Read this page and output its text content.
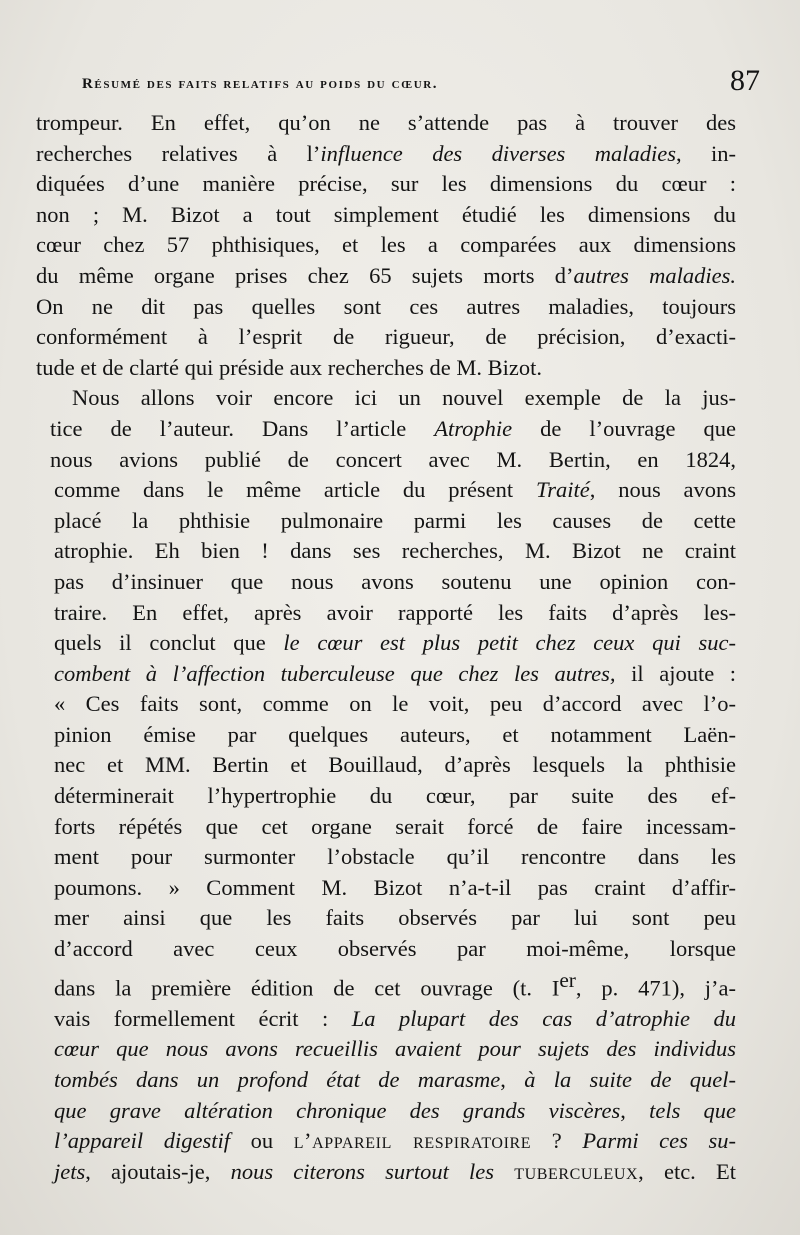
Résumé des faits relatifs au poids du cœur.	87

trompeur. En effet, qu’on ne s’attende pas à trouver des
recherches relatives à l’influence des diverses maladies, in-
diquées d’une manière précise, sur les dimensions du cœur :
non ; M. Bizot a tout simplement étudié les dimensions du
cœur chez 57 phthisiques, et les a comparées aux dimensions
du même organe prises chez 65 sujets morts d’autres maladies.
On ne dit pas quelles sont ces autres maladies, toujours
conformément à l’esprit de rigueur, de précision, d’exacti-
tude et de clarté qui préside aux recherches de M. Bizot.

Nous allons voir encore ici un nouvel exemple de la jus-
tice de l’auteur. Dans l’article Atrophie de l’ouvrage que
nous avions publié de concert avec M. Bertin, en 1824,
comme dans le même article du présent Traité, nous avons
placé la phthisie pulmonaire parmi les causes de cette
atrophie. Eh bien ! dans ses recherches, M. Bizot ne craint
pas d’insinuer que nous avons soutenu une opinion con-
traire. En effet, après avoir rapporté les faits d’après les-
quels il conclut que le cœur est plus petit chez ceux qui suc-
combent à l’affection tuberculeuse que chez les autres, il ajoute :
« Ces faits sont, comme on le voit, peu d’accord avec l’o-
pinion émise par quelques auteurs, et notamment Laën-
nec et MM. Bertin et Bouillaud, d’après lesquels la phthisie
déterminerait l’hypertrophie du cœur, par suite des ef-
forts répétés que cet organe serait forcé de faire incessam-
ment pour surmonter l’obstacle qu’il rencontre dans les
poumons. » Comment M. Bizot n’a-t-il pas craint d’affir-
mer ainsi que les faits observés par lui sont peu
d’accord avec ceux observés par moi-même, lorsque
dans la première édition de cet ouvrage (t. Ier, p. 471), j’a-
vais formellement écrit : La plupart des cas d’atrophie du
cœur que nous avons recueillis avaient pour sujets des individus
tombés dans un profond état de marasme, à la suite de quel-
que grave altération chronique des grands viscères, tels que
l’appareil digestif ou l’appareil respiratoire ? Parmi ces su-
jets, ajoutais-je, nous citerons surtout les tuberculeux, etc. Et
